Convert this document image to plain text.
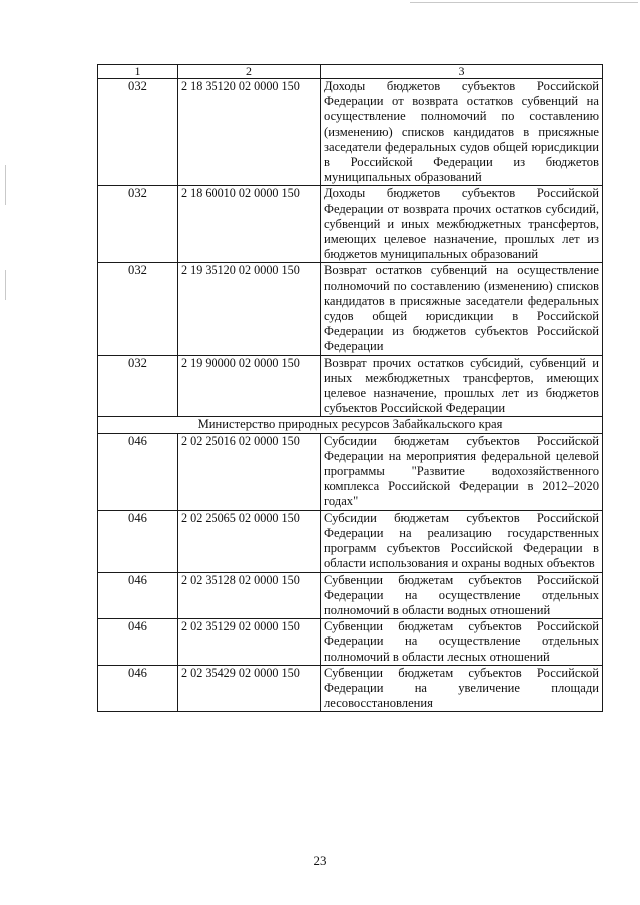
1	2	3
032	2 18 35120 02 0000 150	Доходы бюджетов субъектов Российской Федерации от возврата остатков субвенций на осуществление полномочий по составлению (изменению) списков кандидатов в присяжные заседатели федеральных судов общей юрисдикции в Российской Федерации из бюджетов муниципальных образований
032	2 18 60010 02 0000 150	Доходы бюджетов субъектов Российской Федерации от возврата прочих остатков субсидий, субвенций и иных межбюджетных трансфертов, имеющих целевое назначение, прошлых лет из бюджетов муниципальных образований
032	2 19 35120 02 0000 150	Возврат остатков субвенций на осуществление полномочий по составлению (изменению) списков кандидатов в присяжные заседатели федеральных судов общей юрисдикции в Российской Федерации из бюджетов субъектов Российской Федерации
032	2 19 90000 02 0000 150	Возврат прочих остатков субсидий, субвенций и иных межбюджетных трансфертов, имеющих целевое назначение, прошлых лет из бюджетов субъектов Российской Федерации
Министерство природных ресурсов Забайкальского края		
046	2 02 25016 02 0000 150	Субсидии бюджетам субъектов Российской Федерации на мероприятия федеральной целевой программы "Развитие водохозяйственного комплекса Российской Федерации в 2012–2020 годах"
046	2 02 25065 02 0000 150	Субсидии бюджетам субъектов Российской Федерации на реализацию государственных программ субъектов Российской Федерации в области использования и охраны водных объектов
046	2 02 35128 02 0000 150	Субвенции бюджетам субъектов Российской Федерации на осуществление отдельных полномочий в области водных отношений
046	2 02 35129 02 0000 150	Субвенции бюджетам субъектов Российской Федерации на осуществление отдельных полномочий в области лесных отношений
046	2 02 35429 02 0000 150	Субвенции бюджетам субъектов Российской Федерации на увеличение площади лесовосстановления
23
